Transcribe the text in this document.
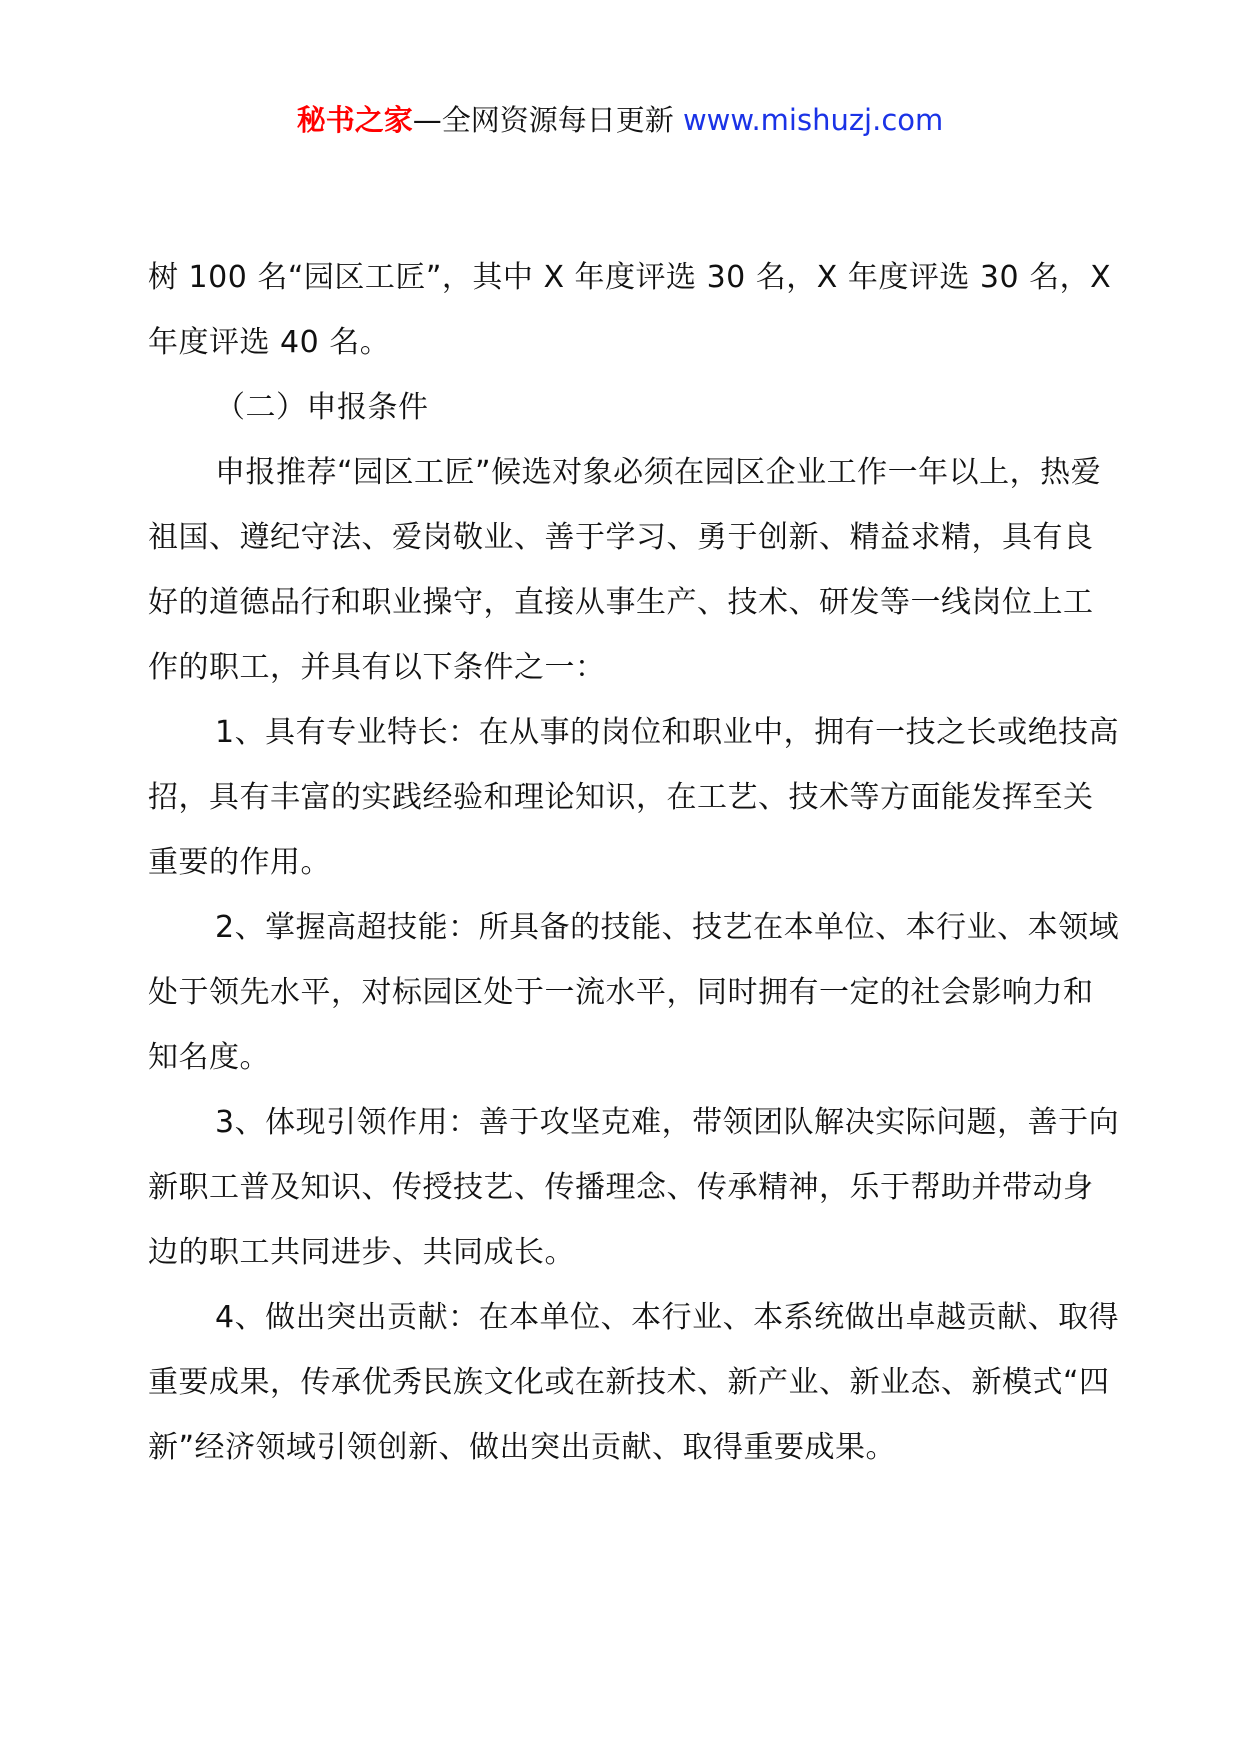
秘书之家—全网资源每日更新 www.mishuzj.com

树 100 名“园区工匠”，其中 X 年度评选 30 名，X 年度评选 30 名，X 年度评选 40 名。

（二）申报条件

申报推荐“园区工匠”候选对象必须在园区企业工作一年以上，热爱祖国、遵纪守法、爱岗敬业、善于学习、勇于创新、精益求精，具有良好的道德品行和职业操守，直接从事生产、技术、研发等一线岗位上工作的职工，并具有以下条件之一：

1、具有专业特长：在从事的岗位和职业中，拥有一技之长或绝技高招，具有丰富的实践经验和理论知识，在工艺、技术等方面能发挥至关重要的作用。

2、掌握高超技能：所具备的技能、技艺在本单位、本行业、本领域处于领先水平，对标园区处于一流水平，同时拥有一定的社会影响力和知名度。

3、体现引领作用：善于攻坚克难，带领团队解决实际问题，善于向新职工普及知识、传授技艺、传播理念、传承精神，乐于帮助并带动身边的职工共同进步、共同成长。

4、做出突出贡献：在本单位、本行业、本系统做出卓越贡献、取得重要成果，传承优秀民族文化或在新技术、新产业、新业态、新模式“四新”经济领域引领创新、做出突出贡献、取得重要成果。
